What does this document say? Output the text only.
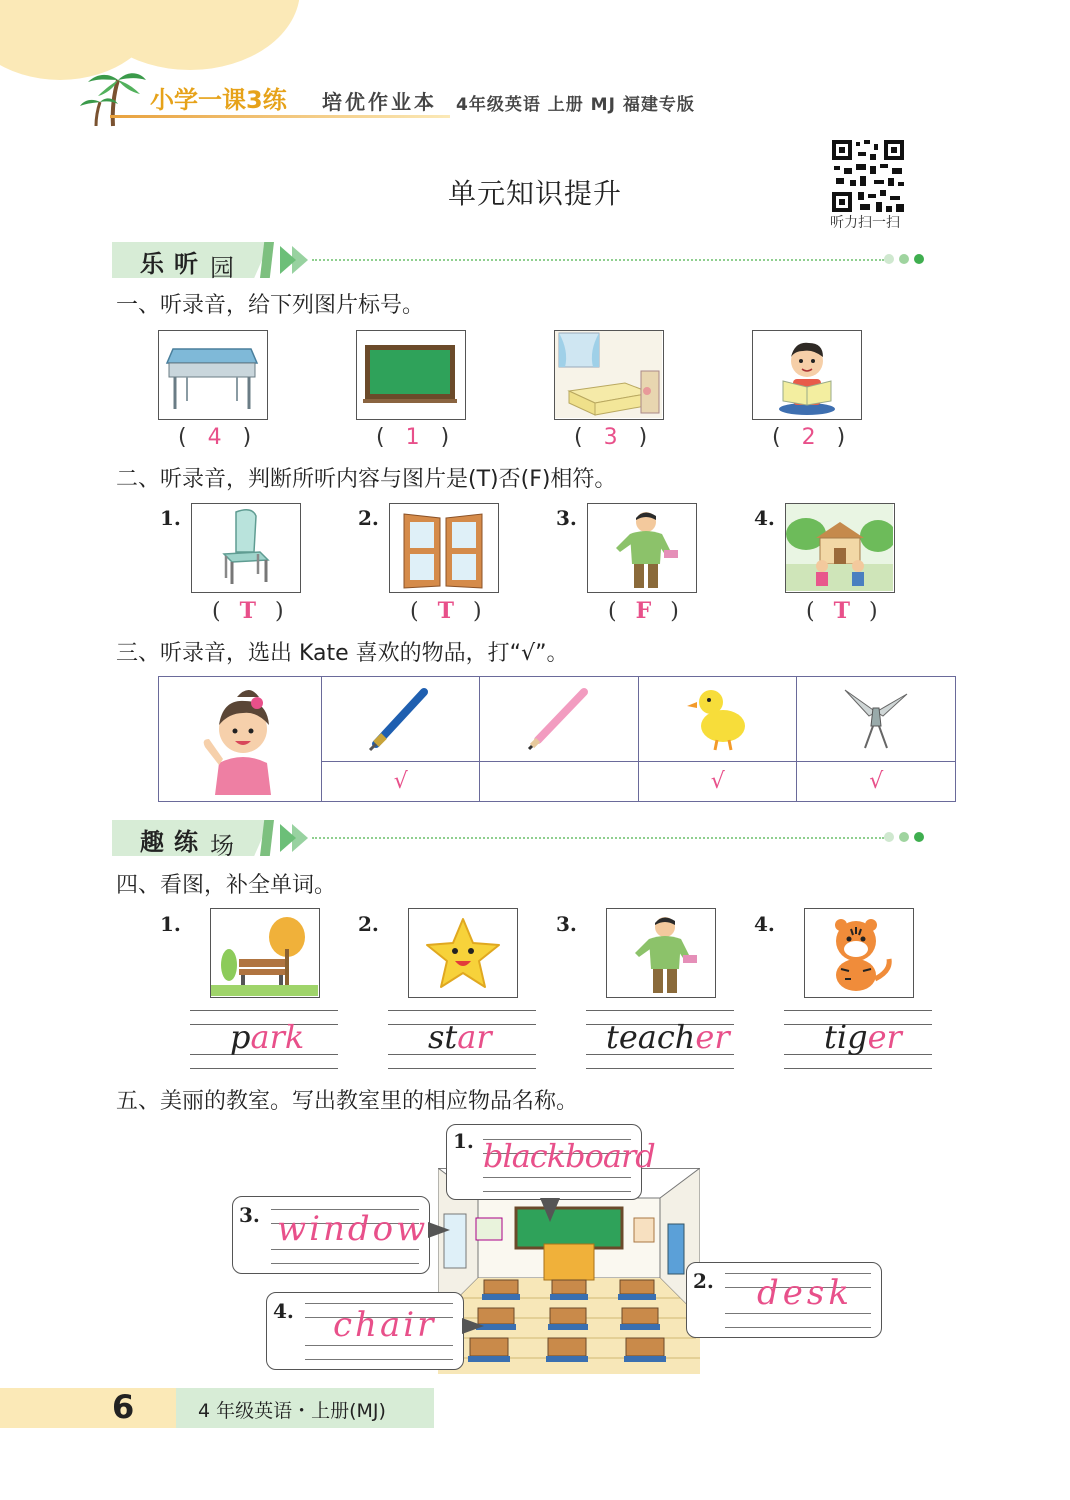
小学一课3练 培优作业本 4年级英语 上册 MJ 福建专版
单元知识提升
听力扫一扫
乐 听 园
一、听录音，给下列图片标号。
( 4 )	( 1 )	( 3 )	( 2 )
二、听录音，判断所听内容与图片是(T)否(F)相符。
1.
( T )
2.
( T )
3.
( F )
4.
( T )
三、听录音，选出 Kate 喜欢的物品，打“√”。

	√		√	√
趣 练 场
四、看图，补全单词。
1.
park
2.
star
3.
teacher
4.
tiger
五、美丽的教室。写出教室里的相应物品名称。
1. blackboard
3. window
4. chair
2. desk
6	4 年级英语・上册(MJ)
